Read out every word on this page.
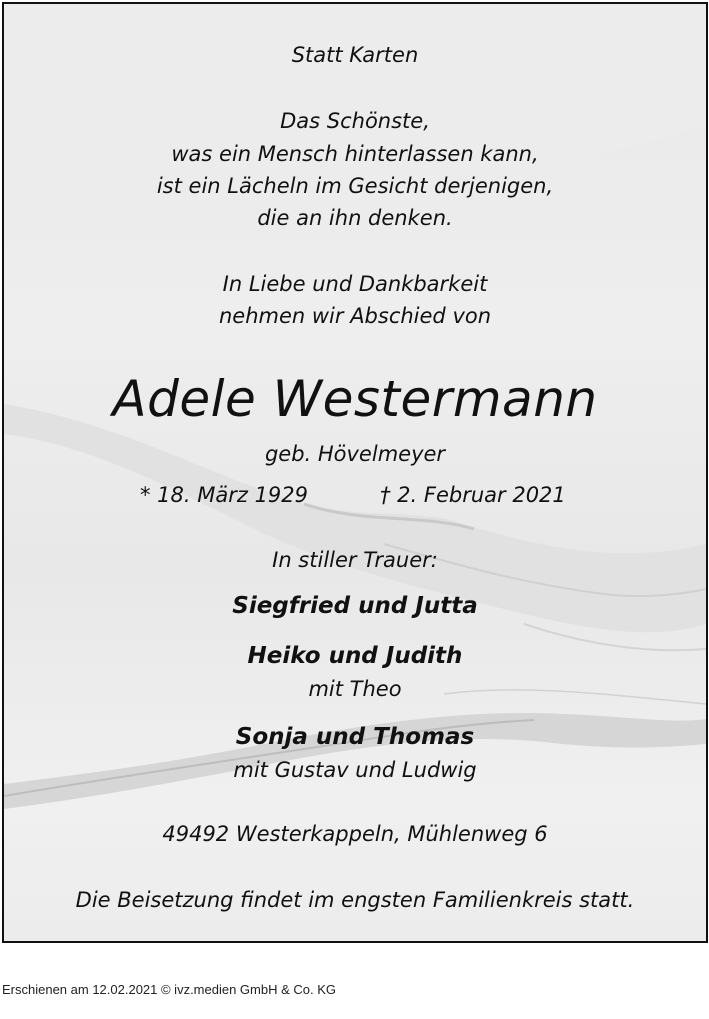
Statt Karten
Das Schönste,
was ein Mensch hinterlassen kann,
ist ein Lächeln im Gesicht derjenigen,
die an ihn denken.
In Liebe und Dankbarkeit
nehmen wir Abschied von
Adele Westermann
geb. Hövelmeyer
* 18. März 1929	† 2. Februar 2021
In stiller Trauer:
Siegfried und Jutta
Heiko und Judith
mit Theo
Sonja und Thomas
mit Gustav und Ludwig
49492 Westerkappeln, Mühlenweg 6
Die Beisetzung findet im engsten Familienkreis statt.
Erschienen am 12.02.2021 © ivz.medien GmbH & Co. KG
